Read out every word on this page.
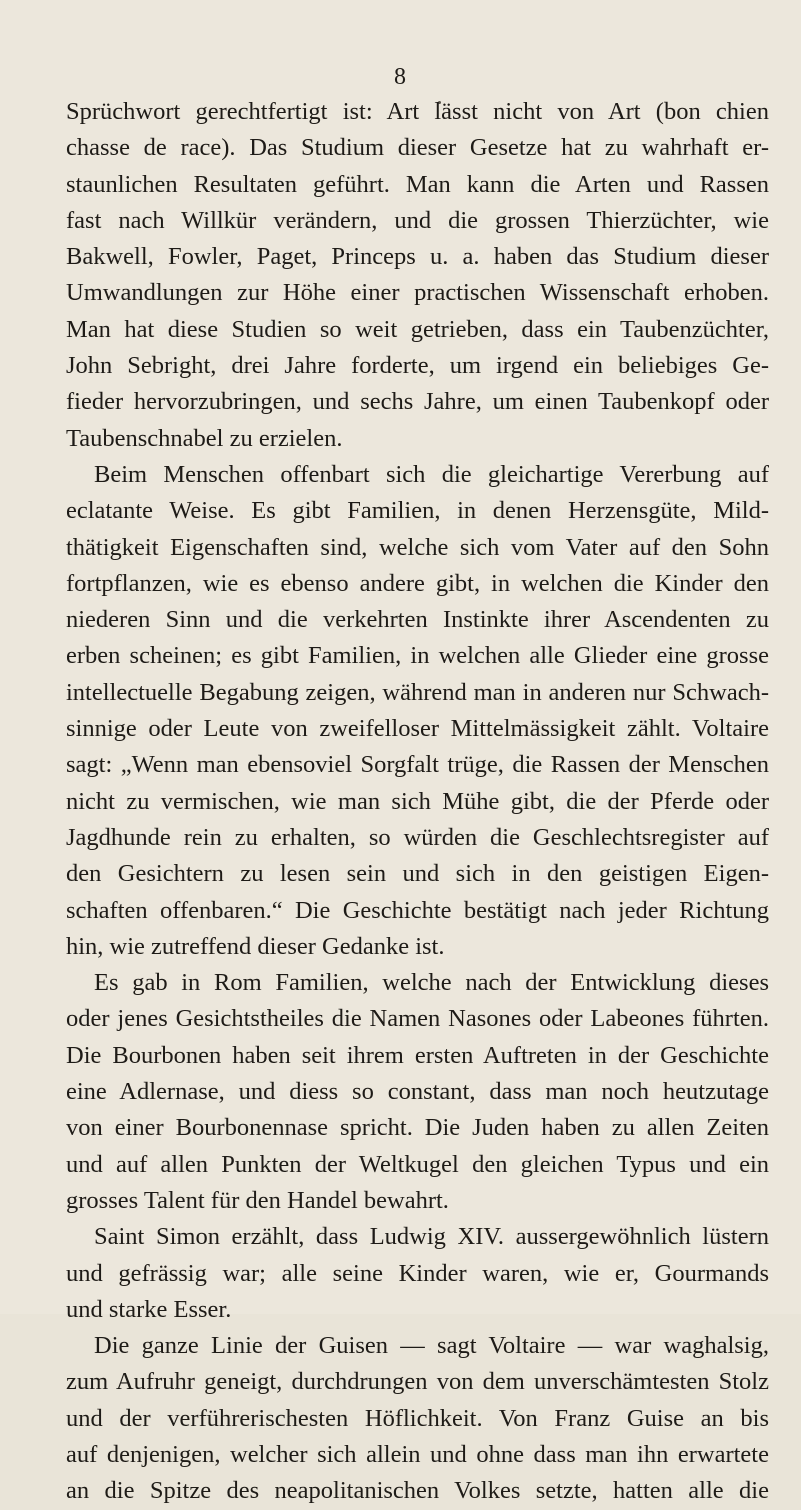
8
Sprüchwort gerechtfertigt ist: Art lässt nicht von Art (bon chien
chasse de race). Das Studium dieser Gesetze hat zu wahrhaft er-
staunlichen Resultaten geführt. Man kann die Arten und Rassen
fast nach Willkür verändern, und die grossen Thierzüchter, wie
Bakwell, Fowler, Paget, Princeps u. a. haben das Studium dieser
Umwandlungen zur Höhe einer practischen Wissenschaft erhoben.
Man hat diese Studien so weit getrieben, dass ein Taubenzüchter,
John Sebright, drei Jahre forderte, um irgend ein beliebiges Ge-
fieder hervorzubringen, und sechs Jahre, um einen Taubenkopf oder
Taubenschnabel zu erzielen.
Beim Menschen offenbart sich die gleichartige Vererbung auf
eclatante Weise. Es gibt Familien, in denen Herzensgüte, Mild-
thätigkeit Eigenschaften sind, welche sich vom Vater auf den Sohn
fortpflanzen, wie es ebenso andere gibt, in welchen die Kinder den
niederen Sinn und die verkehrten Instinkte ihrer Ascendenten zu
erben scheinen; es gibt Familien, in welchen alle Glieder eine grosse
intellectuelle Begabung zeigen, während man in anderen nur Schwach-
sinnige oder Leute von zweifelloser Mittelmässigkeit zählt. Voltaire
sagt: „Wenn man ebensoviel Sorgfalt trüge, die Rassen der Menschen
nicht zu vermischen, wie man sich Mühe gibt, die der Pferde oder
Jagdhunde rein zu erhalten, so würden die Geschlechtsregister auf
den Gesichtern zu lesen sein und sich in den geistigen Eigen-
schaften offenbaren.“ Die Geschichte bestätigt nach jeder Richtung
hin, wie zutreffend dieser Gedanke ist.
Es gab in Rom Familien, welche nach der Entwicklung dieses
oder jenes Gesichtstheiles die Namen Nasones oder Labeones führten.
Die Bourbonen haben seit ihrem ersten Auftreten in der Geschichte
eine Adlernase, und diess so constant, dass man noch heutzutage
von einer Bourbonennase spricht. Die Juden haben zu allen Zeiten
und auf allen Punkten der Weltkugel den gleichen Typus und ein
grosses Talent für den Handel bewahrt.
Saint Simon erzählt, dass Ludwig XIV. aussergewöhnlich lüstern
und gefrässig war; alle seine Kinder waren, wie er, Gourmands
und starke Esser.
Die ganze Linie der Guisen — sagt Voltaire — war waghalsig,
zum Aufruhr geneigt, durchdrungen von dem unverschämtesten Stolz
und der verführerischesten Höflichkeit. Von Franz Guise an bis
auf denjenigen, welcher sich allein und ohne dass man ihn erwartete
an die Spitze des neapolitanischen Volkes setzte, hatten alle die
